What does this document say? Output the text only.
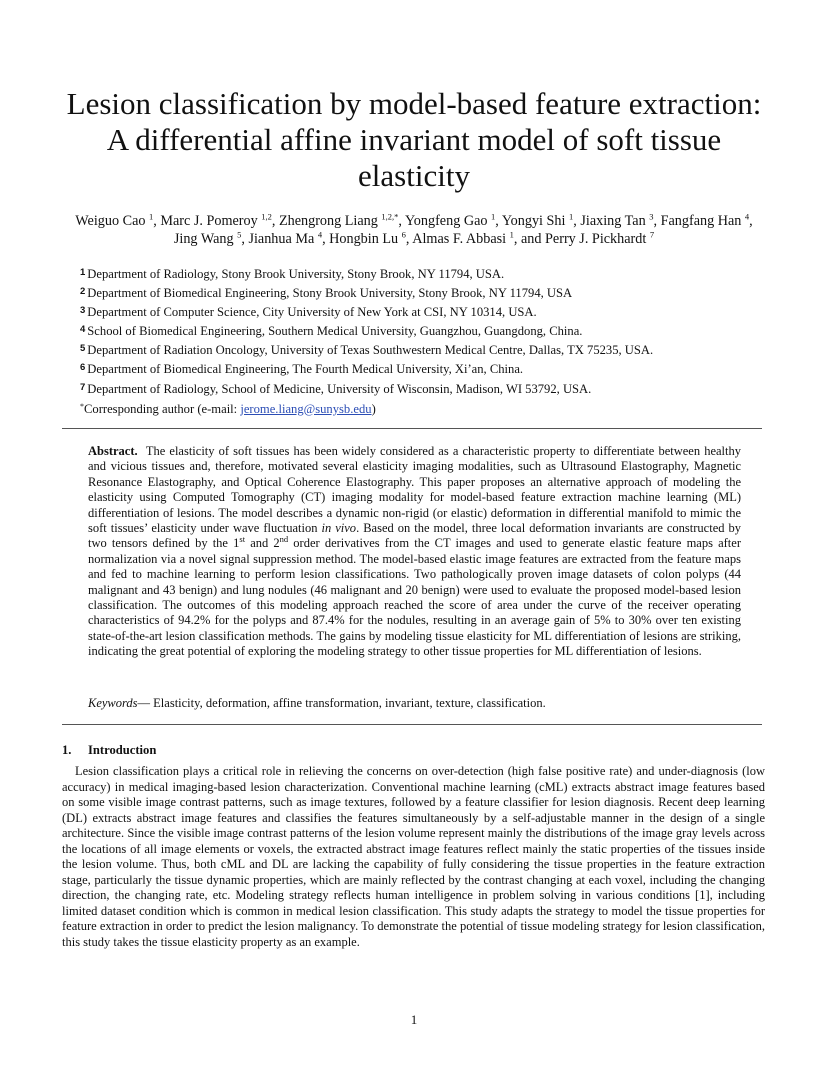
Lesion classification by model-based feature extraction: A differential affine invariant model of soft tissue elasticity
Weiguo Cao $^1$, Marc J. Pomeroy $^{1,2}$, Zhengrong Liang $^{1,2,*}$, Yongfeng Gao $^1$, Yongyi Shi $^1$, Jiaxing Tan $^3$, Fangfang Han $^4$, Jing Wang $^5$, Jianhua Ma $^4$, Hongbin Lu $^6$, Almas F. Abbasi $^1$, and Perry J. Pickhardt $^7$
$^1$ Department of Radiology, Stony Brook University, Stony Brook, NY 11794, USA.
$^2$ Department of Biomedical Engineering, Stony Brook University, Stony Brook, NY 11794, USA
$^3$ Department of Computer Science, City University of New York at CSI, NY 10314, USA.
$^4$ School of Biomedical Engineering, Southern Medical University, Guangzhou, Guangdong, China.
$^5$ Department of Radiation Oncology, University of Texas Southwestern Medical Centre, Dallas, TX 75235, USA.
$^6$ Department of Biomedical Engineering, The Fourth Medical University, Xi’an, China.
$^7$ Department of Radiology, School of Medicine, University of Wisconsin, Madison, WI 53792, USA.
*Corresponding author (e-mail: jerome.liang@sunysb.edu)

Abstract. The elasticity of soft tissues has been widely considered as a characteristic property to differentiate between healthy and vicious tissues and, therefore, motivated several elasticity imaging modalities, such as Ultrasound Elastography, Magnetic Resonance Elastography, and Optical Coherence Elastography. This paper proposes an alternative approach of modeling the elasticity using Computed Tomography (CT) imaging modality for model-based feature extraction machine learning (ML) differentiation of lesions. The model describes a dynamic non-rigid (or elastic) deformation in differential manifold to mimic the soft tissues’ elasticity under wave fluctuation in vivo. Based on the model, three local deformation invariants are constructed by two tensors defined by the 1st and 2nd order derivatives from the CT images and used to generate elastic feature maps after normalization via a novel signal suppression method. The model-based elastic image features are extracted from the feature maps and fed to machine learning to perform lesion classifications. Two pathologically proven image datasets of colon polyps (44 malignant and 43 benign) and lung nodules (46 malignant and 20 benign) were used to evaluate the proposed model-based lesion classification. The outcomes of this modeling approach reached the score of area under the curve of the receiver operating characteristics of 94.2% for the polyps and 87.4% for the nodules, resulting in an average gain of 5% to 30% over ten existing state-of-the-art lesion classification methods. The gains by modeling tissue elasticity for ML differentiation of lesions are striking, indicating the great potential of exploring the modeling strategy to other tissue properties for ML differentiation of lesions.

Keywords— Elasticity, deformation, affine transformation, invariant, texture, classification.
1. Introduction

Lesion classification plays a critical role in relieving the concerns on over-detection (high false positive rate) and under-diagnosis (low accuracy) in medical imaging-based lesion characterization. Conventional machine learning (cML) extracts abstract image features based on some visible image contrast patterns, such as image textures, followed by a feature classifier for lesion diagnosis. Recent deep learning (DL) extracts abstract image features and classifies the features simultaneously by a self-adjustable manner in the design of a single architecture. Since the visible image contrast patterns of the lesion volume represent mainly the distributions of the image gray levels across the locations of all image elements or voxels, the extracted abstract image features reflect mainly the static properties of the tissues inside the lesion volume. Thus, both cML and DL are lacking the capability of fully considering the tissue properties in the feature extraction stage, particularly the tissue dynamic properties, which are mainly reflected by the contrast changing at each voxel, including the changing direction, the changing rate, etc. Modeling strategy reflects human intelligence in problem solving in various conditions [1], including limited dataset condition which is common in medical lesion classification. This study adapts the strategy to model the tissue properties for feature extraction in order to predict the lesion malignancy. To demonstrate the potential of tissue modeling strategy for lesion classification, this study takes the tissue elasticity property as an example.

1
